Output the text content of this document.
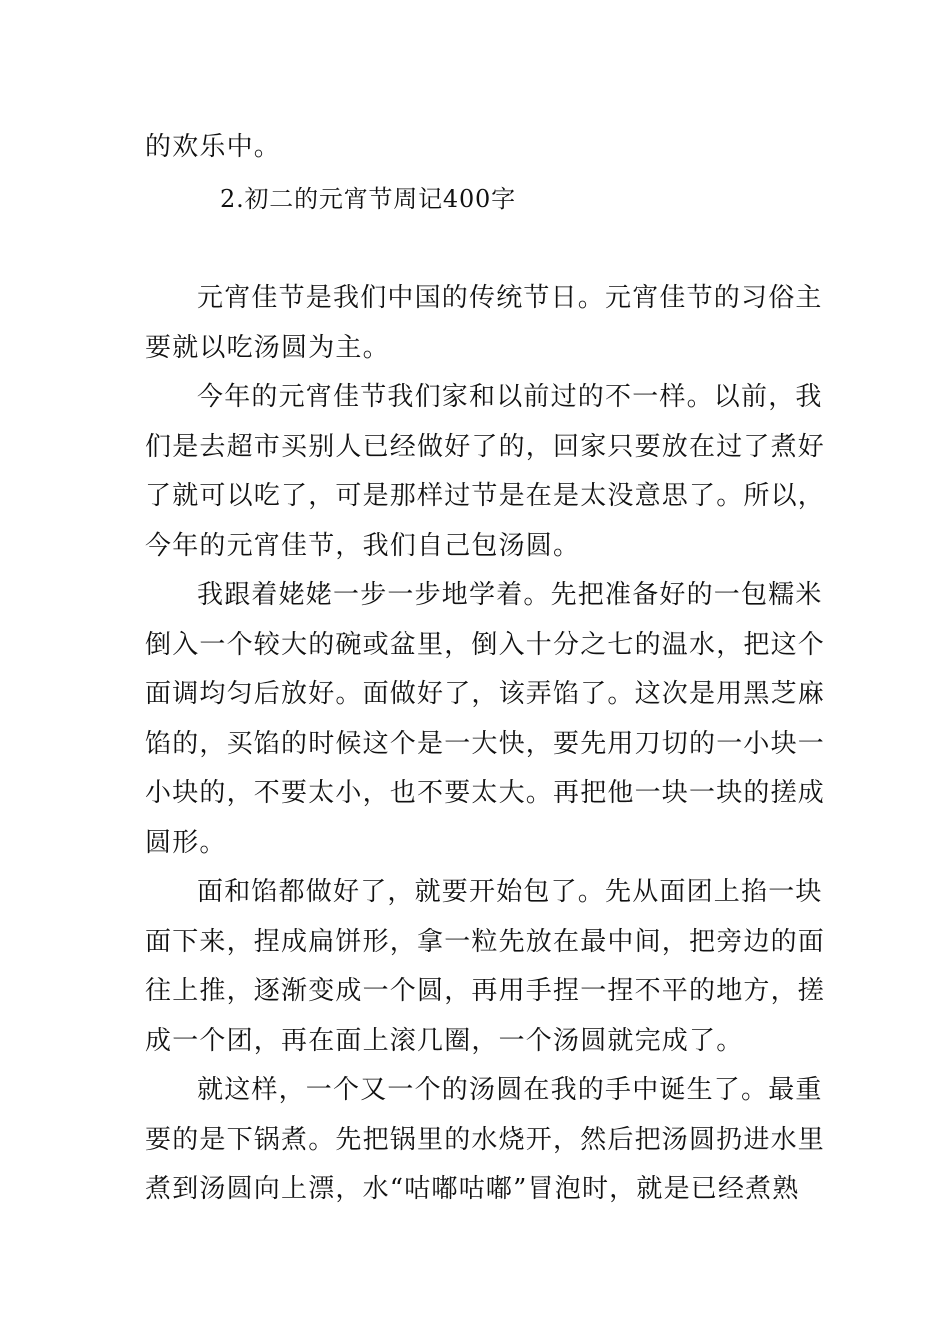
的欢乐中。
2.初二的元宵节周记400字
元宵佳节是我们中国的传统节日。元宵佳节的习俗主
要就以吃汤圆为主。
今年的元宵佳节我们家和以前过的不一样。以前，我
们是去超市买别人已经做好了的，回家只要放在过了煮好
了就可以吃了，可是那样过节是在是太没意思了。所以，
今年的元宵佳节，我们自己包汤圆。
我跟着姥姥一步一步地学着。先把准备好的一包糯米
倒入一个较大的碗或盆里，倒入十分之七的温水，把这个
面调均匀后放好。面做好了，该弄馅了。这次是用黑芝麻
馅的，买馅的时候这个是一大快，要先用刀切的一小块一
小块的，不要太小，也不要太大。再把他一块一块的搓成
圆形。
面和馅都做好了，就要开始包了。先从面团上掐一块
面下来，捏成扁饼形，拿一粒先放在最中间，把旁边的面
往上推，逐渐变成一个圆，再用手捏一捏不平的地方，搓
成一个团，再在面上滚几圈，一个汤圆就完成了。
就这样，一个又一个的汤圆在我的手中诞生了。最重
要的是下锅煮。先把锅里的水烧开，然后把汤圆扔进水里
煮到汤圆向上漂，水“咕嘟咕嘟”冒泡时，就是已经煮熟
